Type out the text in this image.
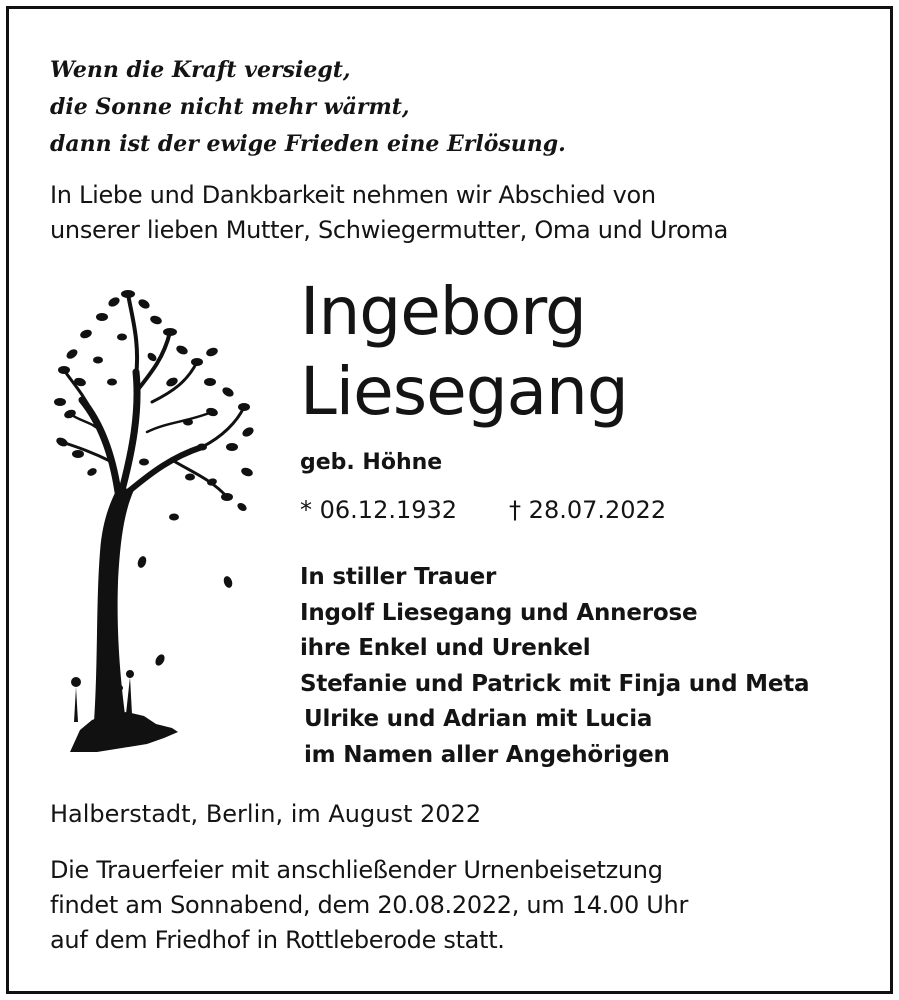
Wenn die Kraft versiegt,
die Sonne nicht mehr wärmt,
dann ist der ewige Frieden eine Erlösung.
In Liebe und Dankbarkeit nehmen wir Abschied von
unserer lieben Mutter, Schwiegermutter, Oma und Uroma
Ingeborg
Liesegang
geb. Höhne
* 06.12.1932 † 28.07.2022
In stiller Trauer
Ingolf Liesegang und Annerose
ihre Enkel und Urenkel
Stefanie und Patrick mit Finja und Meta
Ulrike und Adrian mit Lucia
im Namen aller Angehörigen
Halberstadt, Berlin, im August 2022
Die Trauerfeier mit anschließender Urnenbeisetzung
findet am Sonnabend, dem 20.08.2022, um 14.00 Uhr
auf dem Friedhof in Rottleberode statt.
